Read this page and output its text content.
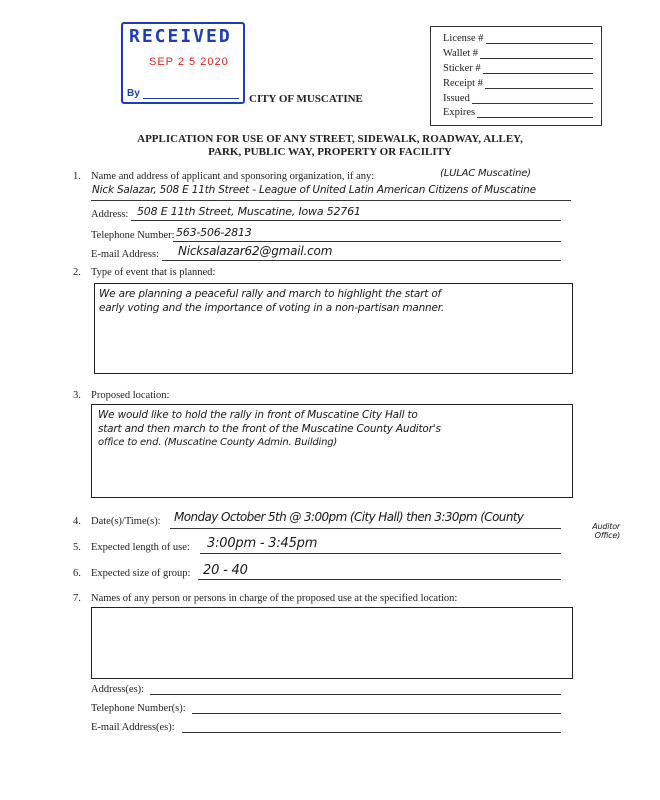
RECEIVED
SEP 2 5 2020
By	CITY OF MUSCATINE
License #
Wallet #
Sticker #
Receipt #
Issued
Expires
APPLICATION FOR USE OF ANY STREET, SIDEWALK, ROADWAY, ALLEY,
PARK, PUBLIC WAY, PROPERTY OR FACILITY
1. Name and address of applicant and sponsoring organization, if any:	(LULAC Muscatine)
Nick Salazar, 508 E 11th Street - League of United Latin American Citizens of Muscatine
Address: 508 E 11th Street, Muscatine, Iowa 52761
Telephone Number: 563-506-2813
E-mail Address: Nicksalazar62@gmail.com
2. Type of event that is planned:
We are planning a peaceful rally and march to highlight the start of
early voting and the importance of voting in a non-partisan manner.
3. Proposed location:
We would like to hold the rally in front of Muscatine City Hall to
start and then march to the front of the Muscatine County Auditor's
office to end. (Muscatine County Admin. Building)
4. Date(s)/Time(s): Monday October 5th @ 3:00pm (City Hall) then 3:30pm (County
Auditor Office)
5. Expected length of use: 3:00pm - 3:45pm
6. Expected size of group: 20 - 40
7. Names of any person or persons in charge of the proposed use at the specified location:
Address(es):
Telephone Number(s):
E-mail Address(es):
